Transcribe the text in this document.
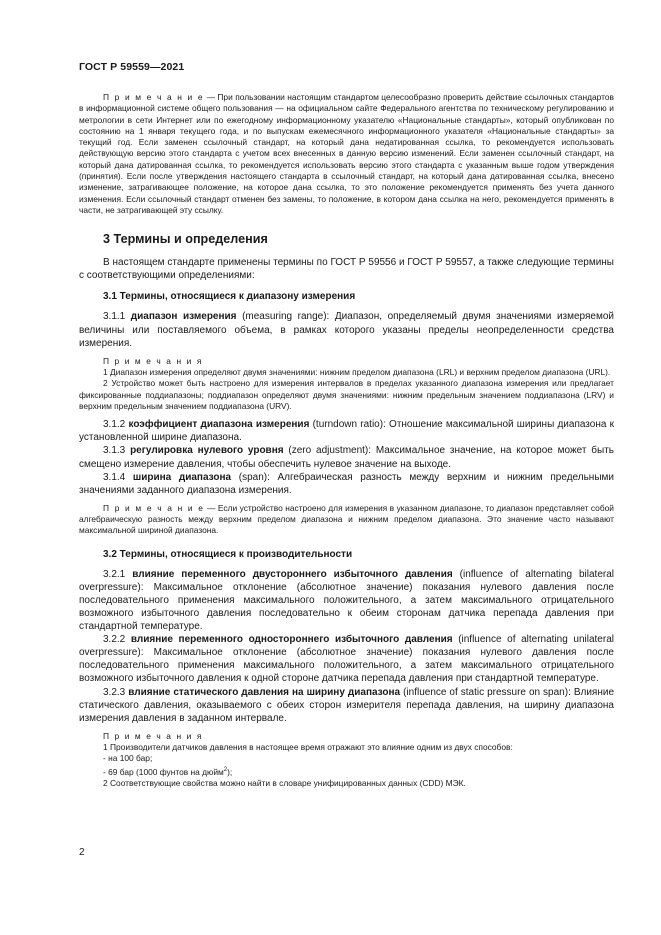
ГОСТ Р 59559—2021

П р и м е ч а н и е — При пользовании настоящим стандартом целесообразно проверить действие ссылочных стандартов в информационной системе общего пользования — на официальном сайте Федерального агентства по техническому регулированию и метрологии в сети Интернет или по ежегодному информационному указателю «Национальные стандарты», который опубликован по состоянию на 1 января текущего года, и по выпускам ежемесячного информационного указателя «Национальные стандарты» за текущий год. Если заменен ссылочный стандарт, на который дана недатированная ссылка, то рекомендуется использовать действующую версию этого стандарта с учетом всех внесенных в данную версию изменений. Если заменен ссылочный стандарт, на который дана датированная ссылка, то рекомендуется использовать версию этого стандарта с указанным выше годом утверждения (принятия). Если после утверждения настоящего стандарта в ссылочный стандарт, на который дана датированная ссылка, внесено изменение, затрагивающее положение, на которое дана ссылка, то это положение рекомендуется применять без учета данного изменения. Если ссылочный стандарт отменен без замены, то положение, в котором дана ссылка на него, рекомендуется применять в части, не затрагивающей эту ссылку.

3 Термины и определения

В настоящем стандарте применены термины по ГОСТ Р 59556 и ГОСТ Р 59557, а также следующие термины с соответствующими определениями:

3.1 Термины, относящиеся к диапазону измерения

3.1.1 диапазон измерения (measuring range): Диапазон, определяемый двумя значениями измеряемой величины или поставляемого объема, в рамках которого указаны пределы неопределенности средства измерения.

П р и м е ч а н и я

1 Диапазон измерения определяют двумя значениями: нижним пределом диапазона (LRL) и верхним пределом диапазона (URL).

2 Устройство может быть настроено для измерения интервалов в пределах указанного диапазона измерения или предлагает фиксированные поддиапазоны; поддиапазон определяют двумя значениями: нижним предельным значением поддиапазона (LRV) и верхним предельным значением поддиапазона (URV).

3.1.2 коэффициент диапазона измерения (turndown ratio): Отношение максимальной ширины диапазона к установленной ширине диапазона.

3.1.3 регулировка нулевого уровня (zero adjustment): Максимальное значение, на которое может быть смещено измерение давления, чтобы обеспечить нулевое значение на выходе.

3.1.4 ширина диапазона (span): Алгебраическая разность между верхним и нижним предельными значениями заданного диапазона измерения.

П р и м е ч а н и е — Если устройство настроено для измерения в указанном диапазоне, то диапазон представляет собой алгебраическую разность между верхним пределом диапазона и нижним пределом диапазона. Это значение часто называют максимальной шириной диапазона.

3.2 Термины, относящиеся к производительности

3.2.1 влияние переменного двустороннего избыточного давления (influence of alternating bilateral overpressure): Максимальное отклонение (абсолютное значение) показания нулевого давления после последовательного применения максимального положительного, а затем максимального отрицательного возможного избыточного давления последовательно к обеим сторонам датчика перепада давления при стандартной температуре.

3.2.2 влияние переменного одностороннего избыточного давления (influence of alternating unilateral overpressure): Максимальное отклонение (абсолютное значение) показания нулевого давления после последовательного применения максимального положительного, а затем максимального отрицательного возможного избыточного давления к одной стороне датчика перепада давления при стандартной температуре.

3.2.3 влияние статического давления на ширину диапазона (influence of static pressure on span): Влияние статического давления, оказываемого с обеих сторон измерителя перепада давления, на ширину диапазона измерения давления в заданном интервале.

П р и м е ч а н и я

1 Производители датчиков давления в настоящее время отражают это влияние одним из двух способов:

- на 100 бар;

- 69 бар (1000 фунтов на дюйм$^2$);

2 Соответствующие свойства можно найти в словаре унифицированных данных (CDD) МЭК.

2
